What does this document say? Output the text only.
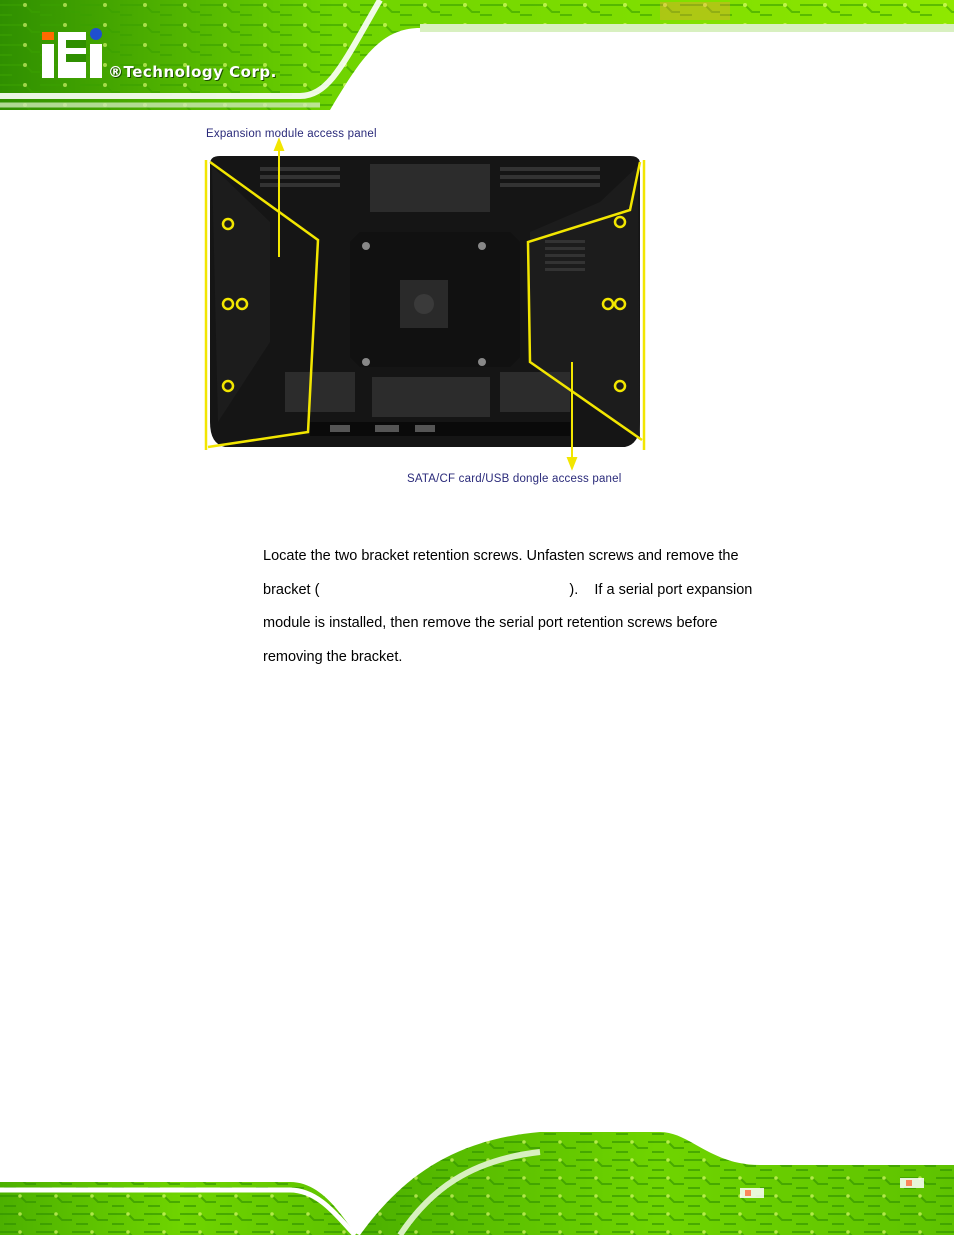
®Technology Corp.
Expansion module access panel
SATA/CF card/USB dongle access panel

Locate the two bracket retention screws. Unfasten screws and remove the
bracket (	).    If a serial port expansion
module is installed, then remove the serial port retention screws before
removing the bracket.
